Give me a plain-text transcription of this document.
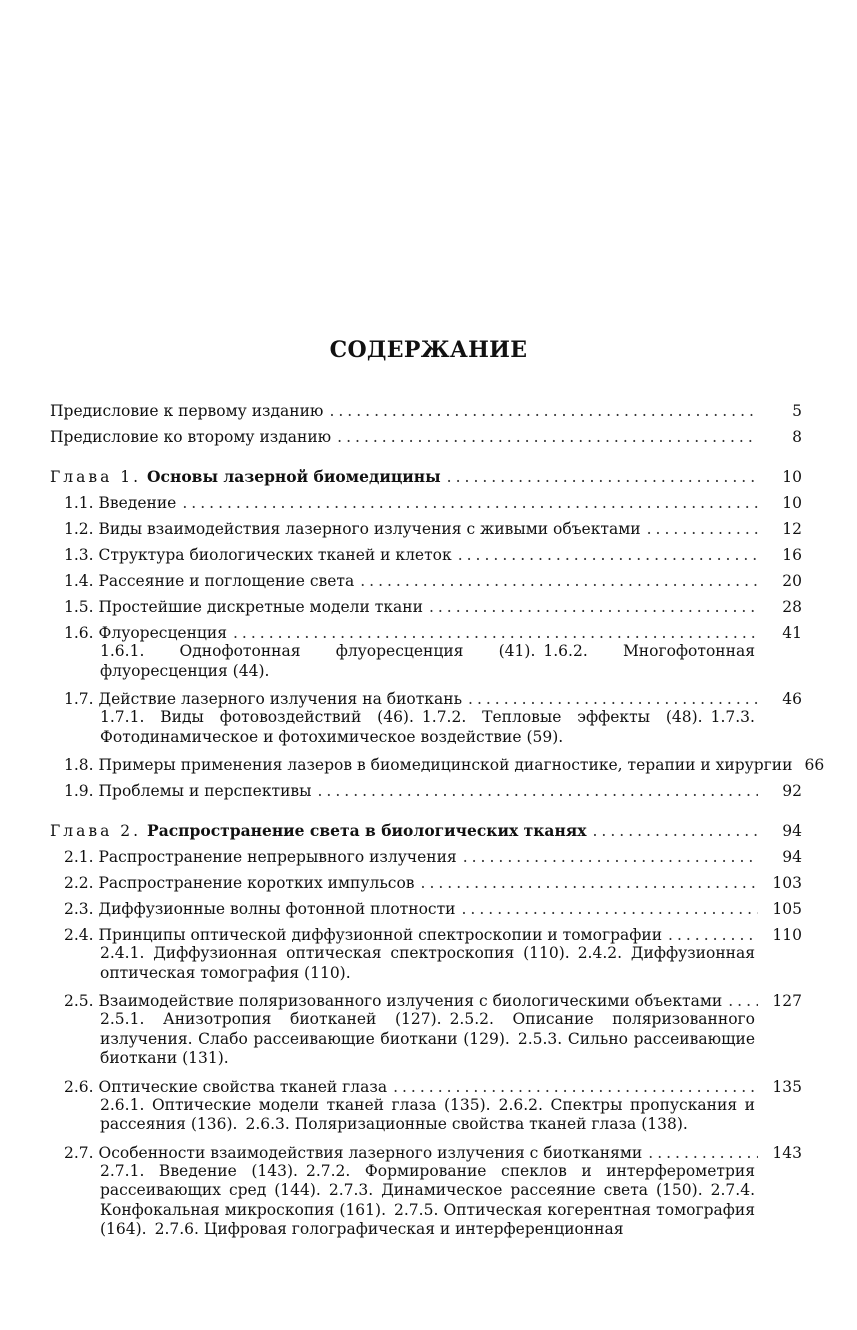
СОДЕРЖАНИЕ
Предисловие к первому изданию .....	5
Предисловие ко второму изданию .....	8
Глава 1. Основы лазерной биомедицины .....	10
1.1. Введение .....	10
1.2. Виды взаимодействия лазерного излучения с живыми объектами .....	12
1.3. Структура биологических тканей и клеток .....	16
1.4. Рассеяние и поглощение света .....	20
1.5. Простейшие дискретные модели ткани .....	28
1.6. Флуоресценция .....	41
1.6.1. Однофотонная флуоресценция (41). 1.6.2. Многофотонная флуоресценция (44).
1.7. Действие лазерного излучения на биоткань .....	46
1.7.1. Виды фотовоздействий (46). 1.7.2. Тепловые эффекты (48). 1.7.3. Фотодинамическое и фотохимическое воздействие (59).
1.8. Примеры применения лазеров в биомедицинской диагностике, терапии и хирургии 66
1.9. Проблемы и перспективы .....	92
Глава 2. Распространение света в биологических тканях .....	94
2.1. Распространение непрерывного излучения .....	94
2.2. Распространение коротких импульсов .....	103
2.3. Диффузионные волны фотонной плотности .....	105
2.4. Принципы оптической диффузионной спектроскопии и томографии .....	110
2.4.1. Диффузионная оптическая спектроскопия (110). 2.4.2. Диффузионная оптическая томография (110).
2.5. Взаимодействие поляризованного излучения с биологическими объектами .....	127
2.5.1. Анизотропия биотканей (127). 2.5.2. Описание поляризованного излучения. Слабо рассеивающие биоткани (129). 2.5.3. Сильно рассеивающие биоткани (131).
2.6. Оптические свойства тканей глаза .....	135
2.6.1. Оптические модели тканей глаза (135). 2.6.2. Спектры пропускания и рассеяния (136). 2.6.3. Поляризационные свойства тканей глаза (138).
2.7. Особенности взаимодействия лазерного излучения с биотканями .....	143
2.7.1. Введение (143). 2.7.2. Формирование спеклов и интерферометрия рассеивающих сред (144). 2.7.3. Динамическое рассеяние света (150). 2.7.4. Конфокальная микроскопия (161). 2.7.5. Оптическая когерентная томография (164). 2.7.6. Цифровая голографическая и интерференционная
